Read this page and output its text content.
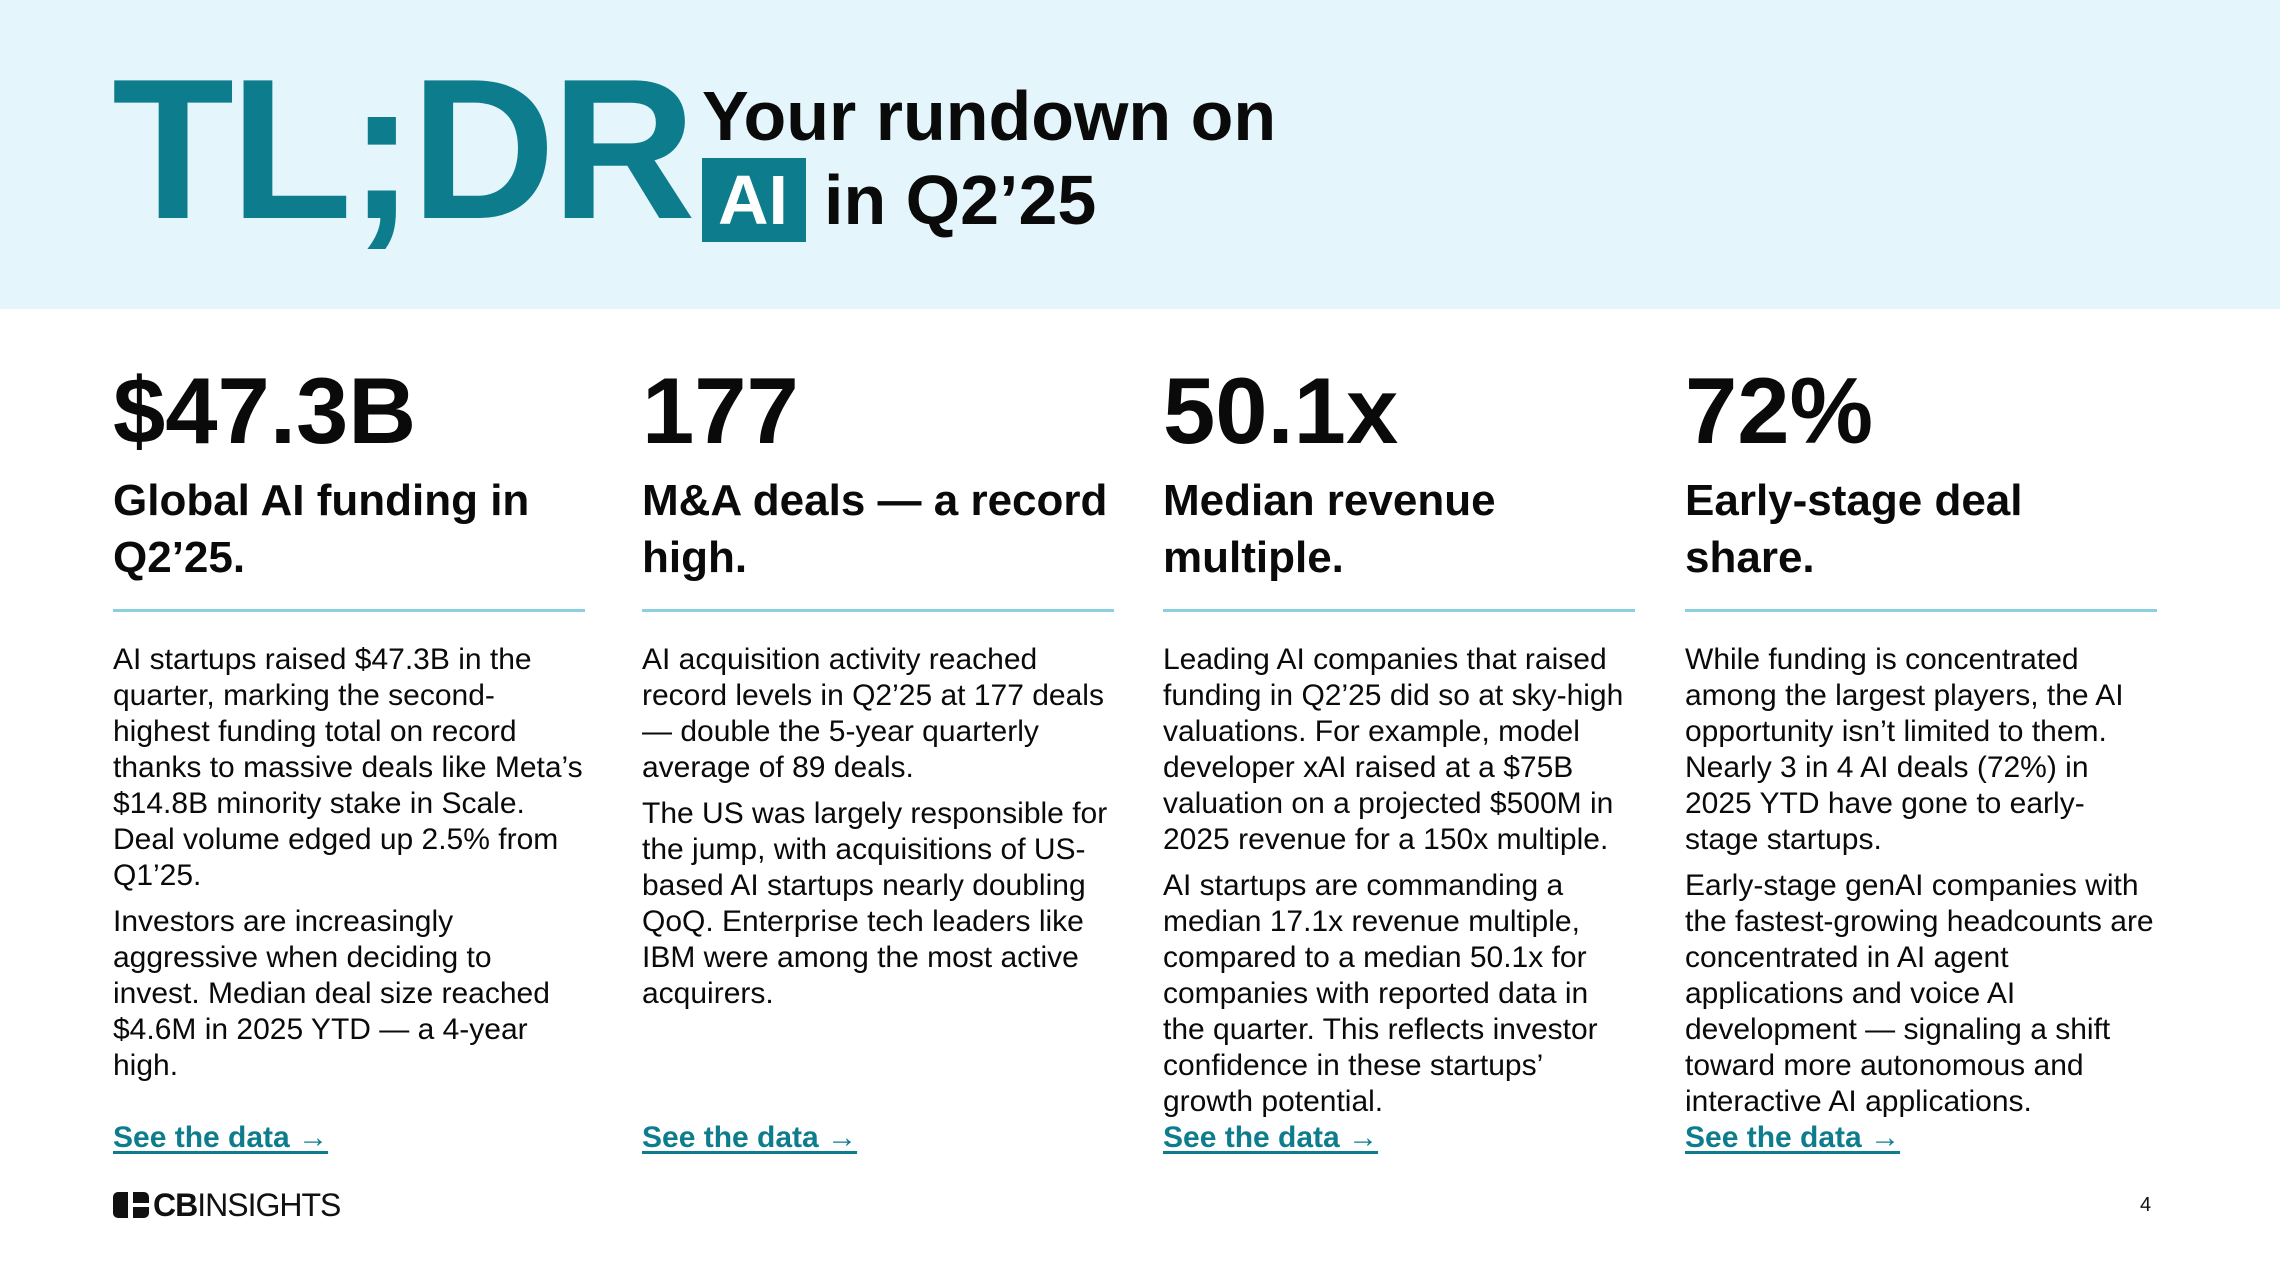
TL;DR Your rundown on
AI in Q2’25
$47.3B
Global AI funding in Q2’25.

AI startups raised $47.3B in the quarter, marking the second-highest funding total on record thanks to massive deals like Meta’s $14.8B minority stake in Scale. Deal volume edged up 2.5% from Q1’25.

Investors are increasingly aggressive when deciding to invest. Median deal size reached $4.6M in 2025 YTD — a 4-year high.

See the data →
177
M&A deals — a record high.

AI acquisition activity reached record levels in Q2’25 at 177 deals — double the 5-year quarterly average of 89 deals.

The US was largely responsible for the jump, with acquisitions of US-based AI startups nearly doubling QoQ. Enterprise tech leaders like IBM were among the most active acquirers.

See the data →
50.1x
Median revenue multiple.

Leading AI companies that raised funding in Q2’25 did so at sky-high valuations. For example, model developer xAI raised at a $75B valuation on a projected $500M in 2025 revenue for a 150x multiple.

AI startups are commanding a median 17.1x revenue multiple, compared to a median 50.1x for companies with reported data in the quarter. This reflects investor confidence in these startups’ growth potential.

See the data →
72%
Early-stage deal share.

While funding is concentrated among the largest players, the AI opportunity isn’t limited to them. Nearly 3 in 4 AI deals (72%) in 2025 YTD have gone to early-stage startups.

Early-stage genAI companies with the fastest-growing headcounts are concentrated in AI agent applications and voice AI development — signaling a shift toward more autonomous and interactive AI applications.

See the data →
CB INSIGHTS	4
